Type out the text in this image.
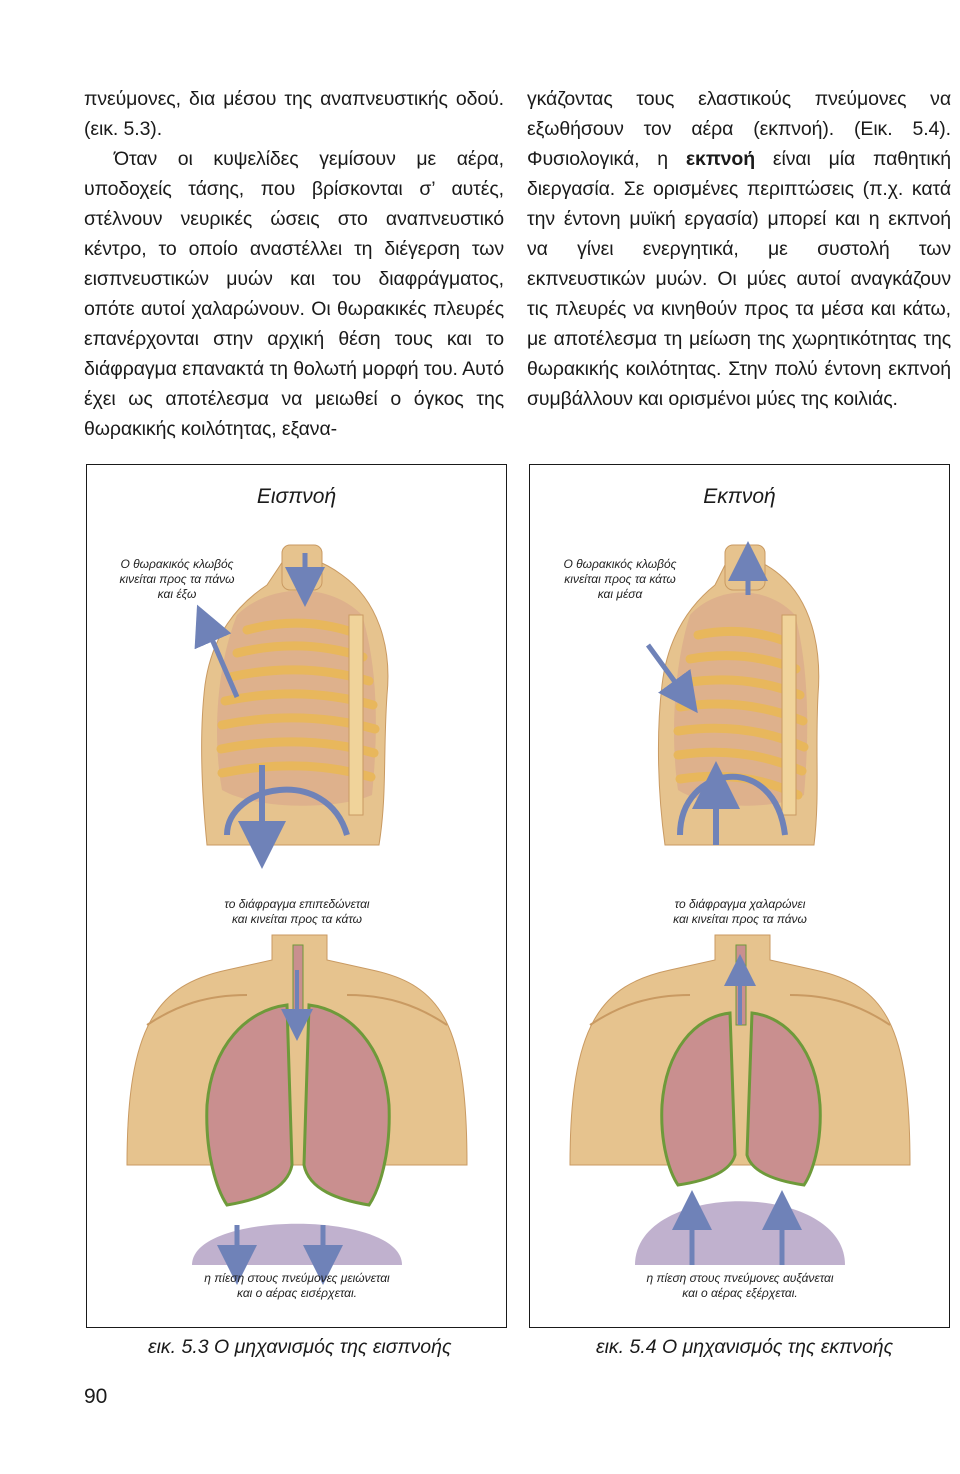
πνεύμονες, δια μέσου της αναπνευστικής οδού. (εικ. 5.3).

Όταν οι κυψελίδες γεμίσουν με αέρα, υποδοχείς τάσης, που βρίσκονται σ’ αυτές, στέλνουν νευρικές ώσεις στο αναπνευστικό κέντρο, το οποίο αναστέλλει τη διέγερση των εισπνευστικών μυών και του διαφράγματος, οπότε αυτοί χαλαρώνουν. Οι θωρακικές πλευρές επανέρχονται στην αρχική θέση τους και το διάφραγμα επανακτά τη θολωτή μορφή του. Αυτό έχει ως αποτέλεσμα να μειωθεί ο όγκος της θωρακικής κοιλότητας, εξανα-

γκάζοντας τους ελαστικούς πνεύμονες να εξωθήσουν τον αέρα (εκπνοή). (Εικ. 5.4). Φυσιολογικά, η εκπνοή είναι μία παθητική διεργασία. Σε ορισμένες περιπτώσεις (π.χ. κατά την έντονη μυϊκή εργασία) μπορεί και η εκπνοή να γίνει ενεργητικά, με συστολή των εκπνευστικών μυών. Οι μύες αυτοί αναγκάζουν τις πλευρές να κινηθούν προς τα μέσα και κάτω, με αποτέλεσμα τη μείωση της χωρητικότητας της θωρακικής κοιλότητας. Στην πολύ έντονη εκπνοή συμβάλλουν και ορισμένοι μύες της κοιλιάς.

Εισπνοή
Ο θωρακικός κλωβός
κινείται προς τα πάνω
και έξω
το διάφραγμα επιπεδώνεται
και κινείται προς τα κάτω
η πίεση στους πνεύμονες μειώνεται
και ο αέρας εισέρχεται.
Εκπνοή
Ο θωρακικός κλωβός
κινείται προς τα κάτω
και μέσα
το διάφραγμα χαλαρώνει
και κινείται προς τα πάνω
η πίεση στους πνεύμονες αυξάνεται
και ο αέρας εξέρχεται.
εικ. 5.3 Ο μηχανισμός της εισπνοής	εικ. 5.4 Ο μηχανισμός της εκπνοής
90
